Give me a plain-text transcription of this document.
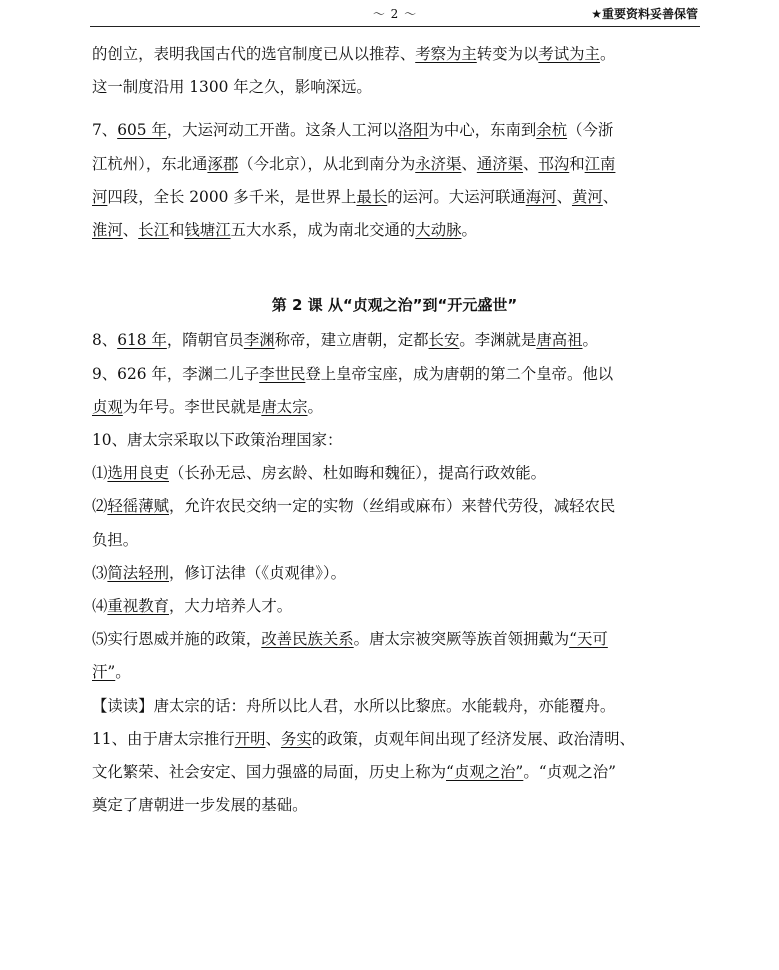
～ 2 ～	★重要资料妥善保管

的创立，表明我国古代的选官制度已从以推荐、考察为主转变为以考试为主。

这一制度沿用 1300 年之久，影响深远。

7、605 年，大运河动工开凿。这条人工河以洛阳为中心，东南到余杭（今浙

江杭州），东北通涿郡（今北京），从北到南分为永济渠、通济渠、邗沟和江南

河四段，全长 2000 多千米，是世界上最长的运河。大运河联通海河、黄河、

淮河、长江和钱塘江五大水系，成为南北交通的大动脉。

第 2 课 从“贞观之治”到“开元盛世”

8、618 年，隋朝官员李渊称帝，建立唐朝，定都长安。李渊就是唐高祖。

9、626 年，李渊二儿子李世民登上皇帝宝座，成为唐朝的第二个皇帝。他以

贞观为年号。李世民就是唐太宗。

10、唐太宗采取以下政策治理国家：

⑴选用良吏（长孙无忌、房玄龄、杜如晦和魏征），提高行政效能。

⑵轻徭薄赋，允许农民交纳一定的实物（丝绢或麻布）来替代劳役，减轻农民

负担。

⑶简法轻刑，修订法律（《贞观律》）。

⑷重视教育，大力培养人才。

⑸实行恩威并施的政策，改善民族关系。唐太宗被突厥等族首领拥戴为“天可

汗”。

【读读】唐太宗的话：舟所以比人君，水所以比黎庶。水能载舟，亦能覆舟。

11、由于唐太宗推行开明、务实的政策，贞观年间出现了经济发展、政治清明、

文化繁荣、社会安定、国力强盛的局面，历史上称为“贞观之治”。“贞观之治”

奠定了唐朝进一步发展的基础。
